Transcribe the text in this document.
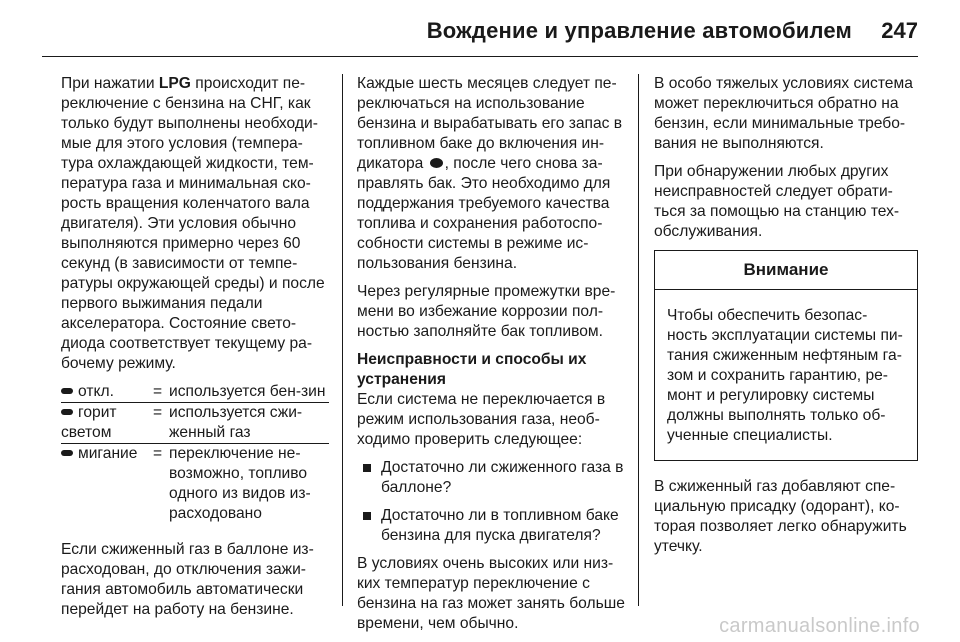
Вождение и управление автомобилем 247

При нажатии LPG происходит пе-реключение с бензина на СНГ, как только будут выполнены необходи-мые для этого условия (темпера-тура охлаждающей жидкости, тем-пература газа и минимальная ско-рость вращения коленчатого вала двигателя). Эти условия обычно выполняются примерно через 60 секунд (в зависимости от темпе-ратуры окружающей среды) и после первого выжимания педали акселератора. Состояние свето-диода соответствует текущему ра-бочему режиму.

откл.	= используется бен-зин
горит светом
= используется сжи-женный газ
мигание = переключение не-возможно, топливо одного из видов из-расходовано

Если сжиженный газ в баллоне из-расходован, до отключения зажи-гания автомобиль автоматически перейдет на работу на бензине.

Каждые шесть месяцев следует пе-реключаться на использование бензина и вырабатывать его запас в топливном баке до включения ин-дикатора , после чего снова за-правлять бак. Это необходимо для поддержания требуемого качества топлива и сохранения работоспо-собности системы в режиме ис-пользования бензина.

Через регулярные промежутки вре-мени во избежание коррозии пол-ностью заполняйте бак топливом.

Неисправности и способы их устранения

Если система не переключается в режим использования газа, необ-ходимо проверить следующее:

Достаточно ли сжиженного газа в баллоне?
Достаточно ли в топливном баке бензина для пуска двигателя?

В условиях очень высоких или низ-ких температур переключение с бензина на газ может занять больше времени, чем обычно.

В особо тяжелых условиях система может переключиться обратно на бензин, если минимальные требо-вания не выполняются.

При обнаружении любых других неисправностей следует обрати-ться за помощью на станцию тех-обслуживания.

Внимание
Чтобы обеспечить безопас-ность эксплуатации системы пи-тания сжиженным нефтяным га-зом и сохранить гарантию, ре-монт и регулировку системы должны выполнять только об-ученные специалисты.

В сжиженный газ добавляют спе-циальную присадку (одорант), ко-торая позволяет легко обнаружить утечку.

carmanualsonline.info
